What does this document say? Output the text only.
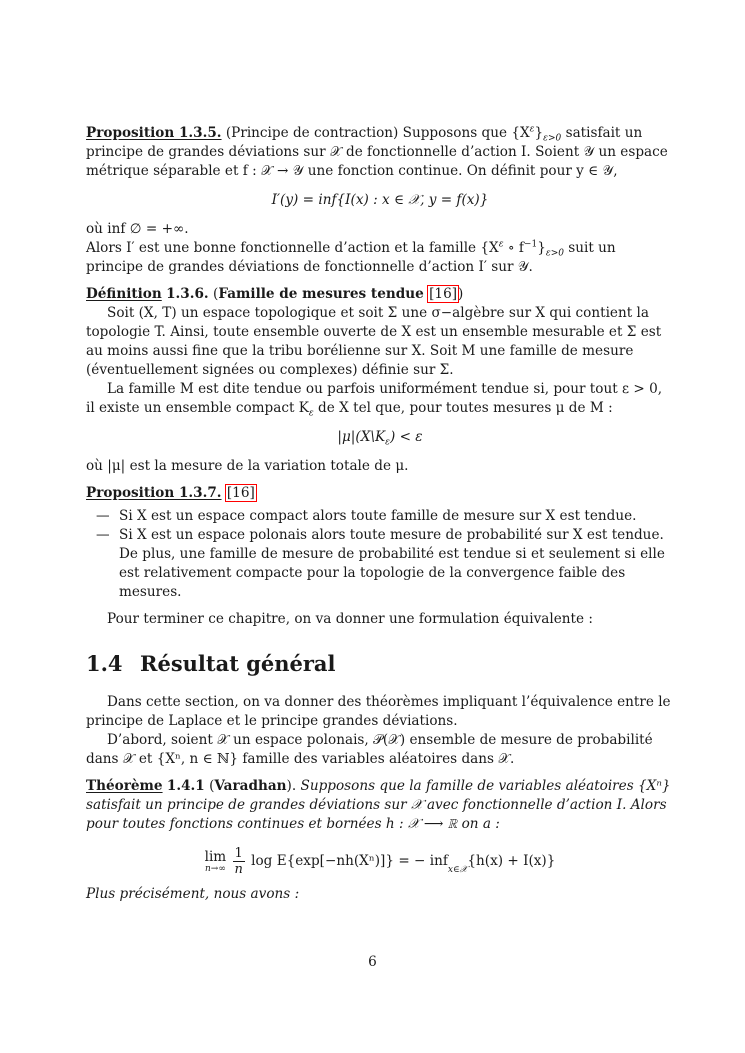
Proposition 1.3.5. (Principe de contraction) Supposons que $\{X^\varepsilon\}_{\varepsilon>0}$ satisfait un principe de grandes déviations sur 𝒳 de fonctionnelle d’action I. Soient 𝒴 un espace métrique séparable et f : 𝒳 → 𝒴 une fonction continue. On définit pour y ∈ 𝒴,

I′(y) = inf{I(x) : x ∈ 𝒳, y = f(x)}

où inf ∅ = +∞.

Alors I′ est une bonne fonctionnelle d’action et la famille {$X^\varepsilon$ ∘ $f^{-1}\}_{\varepsilon>0}$ suit un principe de grandes déviations de fonctionnelle d’action I′ sur 𝒴.

Définition 1.3.6. (Famille de mesures tendue [16])

Soit (X, T) un espace topologique et soit Σ une σ−algèbre sur X qui contient la topologie T. Ainsi, toute ensemble ouverte de X est un ensemble mesurable et Σ est au moins aussi fine que la tribu borélienne sur X. Soit M une famille de mesure (éventuellement signées ou complexes) définie sur Σ.

La famille M est dite tendue ou parfois uniformément tendue si, pour tout ε > 0, il existe un ensemble compact $K_\varepsilon$ de X tel que, pour toutes mesures μ de M :

$|\mu|(X\backslash K_\varepsilon) < \varepsilon$

où |μ| est la mesure de la variation totale de μ.

Proposition 1.3.7. [16]

— Si X est un espace compact alors toute famille de mesure sur X est tendue.
— Si X est un espace polonais alors toute mesure de probabilité sur X est tendue. De plus, une famille de mesure de probabilité est tendue si et seulement si elle est relativement compacte pour la topologie de la convergence faible des mesures.

Pour terminer ce chapitre, on va donner une formulation équivalente :

1.4 Résultat général

Dans cette section, on va donner des théorèmes impliquant l’équivalence entre le principe de Laplace et le principe grandes déviations.

D’abord, soient 𝒳 un espace polonais, 𝒫(𝒳) ensemble de mesure de probabilité dans 𝒳 et {Xⁿ, n ∈ ℕ} famille des variables aléatoires dans 𝒳.

Théorème 1.4.1 (Varadhan). Supposons que la famille de variables aléatoires {Xⁿ} satisfait un principe de grandes déviations sur 𝒳 avec fonctionnelle d’action I. Alors pour toutes fonctions continues et bornées h : 𝒳 ⟶ ℝ on a :

lim
n→∞
$\frac{1}{n}$ log E{exp[−nh(Xⁿ)]} = − inf
x∈𝒳
{h(x) + I(x)}

Plus précisément, nous avons :

6
